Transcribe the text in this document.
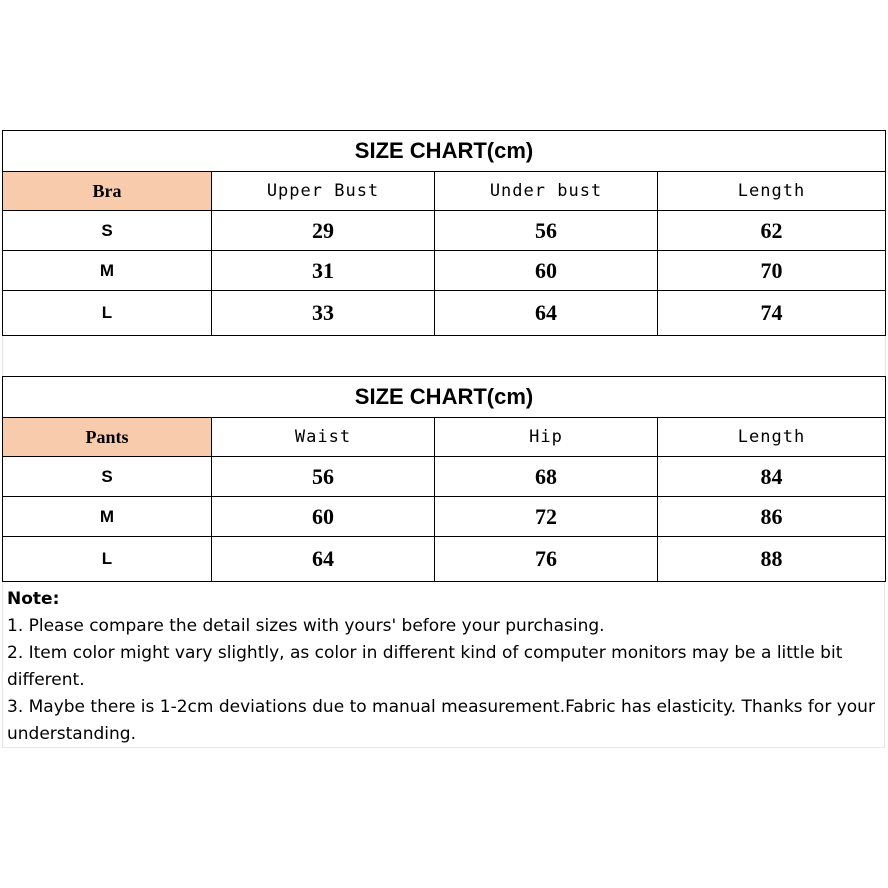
SIZE CHART(cm)			
Bra	Upper Bust	Under bust	Length
S	29	56	62
M	31	60	70
L	33	64	74
SIZE CHART(cm)			
Pants	Waist	Hip	Length
S	56	68	84
M	60	72	86
L	64	76	88
Note:
1. Please compare the detail sizes with yours' before your purchasing.
2. Item color might vary slightly, as color in different kind of computer monitors may be a little bit different.
3. Maybe there is 1-2cm deviations due to manual measurement.Fabric has elasticity. Thanks for your understanding.
